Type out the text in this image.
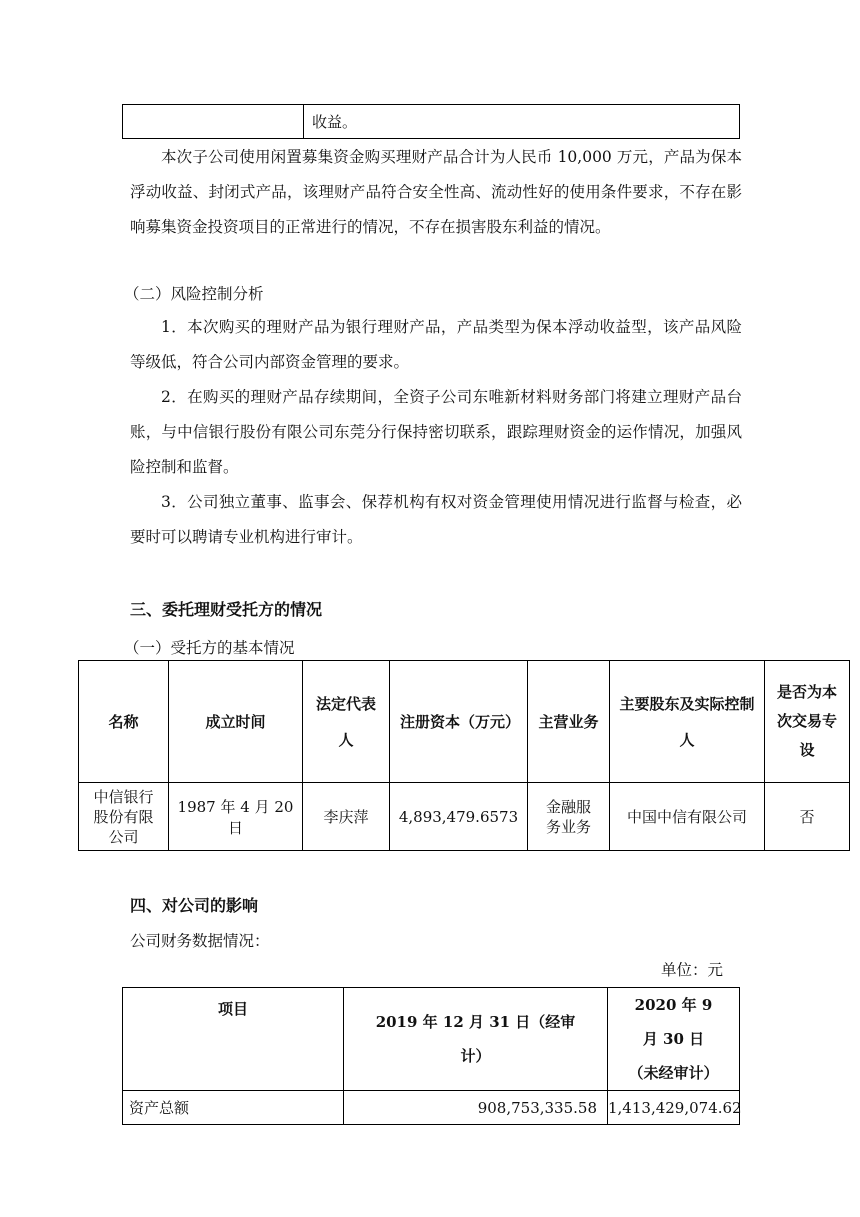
	收益。

本次子公司使用闲置募集资金购买理财产品合计为人民币 10,000 万元，产品为保本浮动收益、封闭式产品，该理财产品符合安全性高、流动性好的使用条件要求，不存在影响募集资金投资项目的正常进行的情况，不存在损害股东利益的情况。

（二）风险控制分析

1．本次购买的理财产品为银行理财产品，产品类型为保本浮动收益型，该产品风险等级低，符合公司内部资金管理的要求。

2．在购买的理财产品存续期间，全资子公司东唯新材料财务部门将建立理财产品台账，与中信银行股份有限公司东莞分行保持密切联系，跟踪理财资金的运作情况，加强风险控制和监督。

3．公司独立董事、监事会、保荐机构有权对资金管理使用情况进行监督与检查，必要时可以聘请专业机构进行审计。

三、委托理财受托方的情况

（一）受托方的基本情况

名称	成立时间	法定代表人	注册资本（万元）	主营业务	主要股东及实际控制人	是否为本次交易专设
中信银行股份有限公司	1987 年 4 月 20 日	李庆萍	4,893,479.6573	金融服务业务	中国中信有限公司	否

四、对公司的影响

公司财务数据情况：

单位：元
项目	2019 年 12 月 31 日（经审计）	2020 年 9 月 30 日（未经审计）
资产总额	908,753,335.58	1,413,429,074.62
